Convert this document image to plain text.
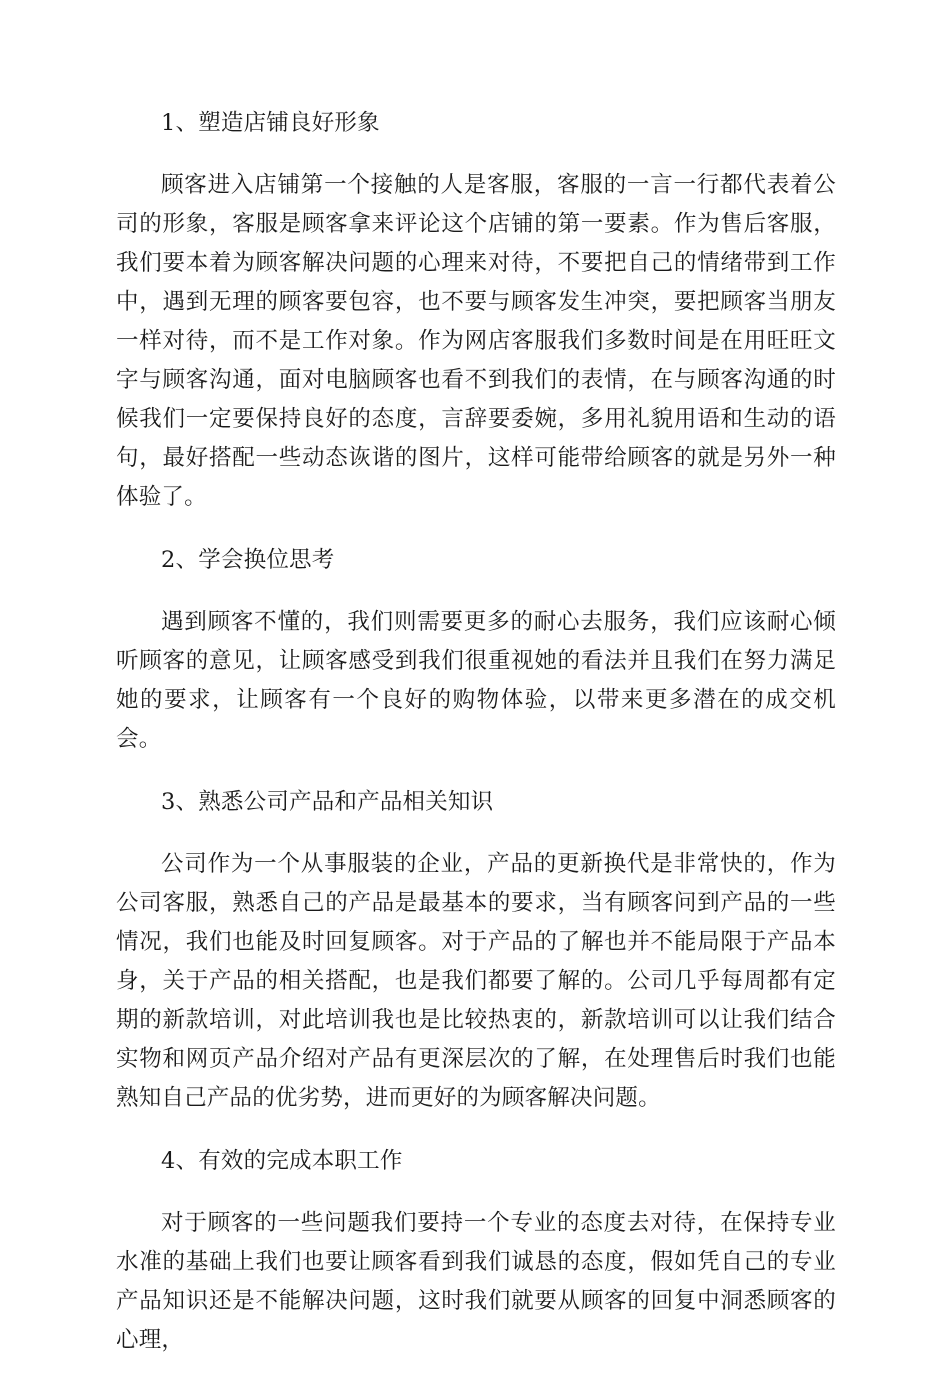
1、塑造店铺良好形象

顾客进入店铺第一个接触的人是客服，客服的一言一行都代表着公司的形象，客服是顾客拿来评论这个店铺的第一要素。作为售后客服，我们要本着为顾客解决问题的心理来对待，不要把自己的情绪带到工作中，遇到无理的顾客要包容，也不要与顾客发生冲突，要把顾客当朋友一样对待，而不是工作对象。作为网店客服我们多数时间是在用旺旺文字与顾客沟通，面对电脑顾客也看不到我们的表情，在与顾客沟通的时候我们一定要保持良好的态度，言辞要委婉，多用礼貌用语和生动的语句，最好搭配一些动态诙谐的图片，这样可能带给顾客的就是另外一种体验了。

2、学会换位思考

遇到顾客不懂的，我们则需要更多的耐心去服务，我们应该耐心倾听顾客的意见，让顾客感受到我们很重视她的看法并且我们在努力满足她的要求，让顾客有一个良好的购物体验，以带来更多潜在的成交机会。

3、熟悉公司产品和产品相关知识

公司作为一个从事服装的企业，产品的更新换代是非常快的，作为公司客服，熟悉自己的产品是最基本的要求，当有顾客问到产品的一些情况，我们也能及时回复顾客。对于产品的了解也并不能局限于产品本身，关于产品的相关搭配，也是我们都要了解的。公司几乎每周都有定期的新款培训，对此培训我也是比较热衷的，新款培训可以让我们结合实物和网页产品介绍对产品有更深层次的了解，在处理售后时我们也能熟知自己产品的优劣势，进而更好的为顾客解决问题。

4、有效的完成本职工作

对于顾客的一些问题我们要持一个专业的态度去对待，在保持专业水准的基础上我们也要让顾客看到我们诚恳的态度，假如凭自己的专业产品知识还是不能解决问题，这时我们就要从顾客的回复中洞悉顾客的心理，
